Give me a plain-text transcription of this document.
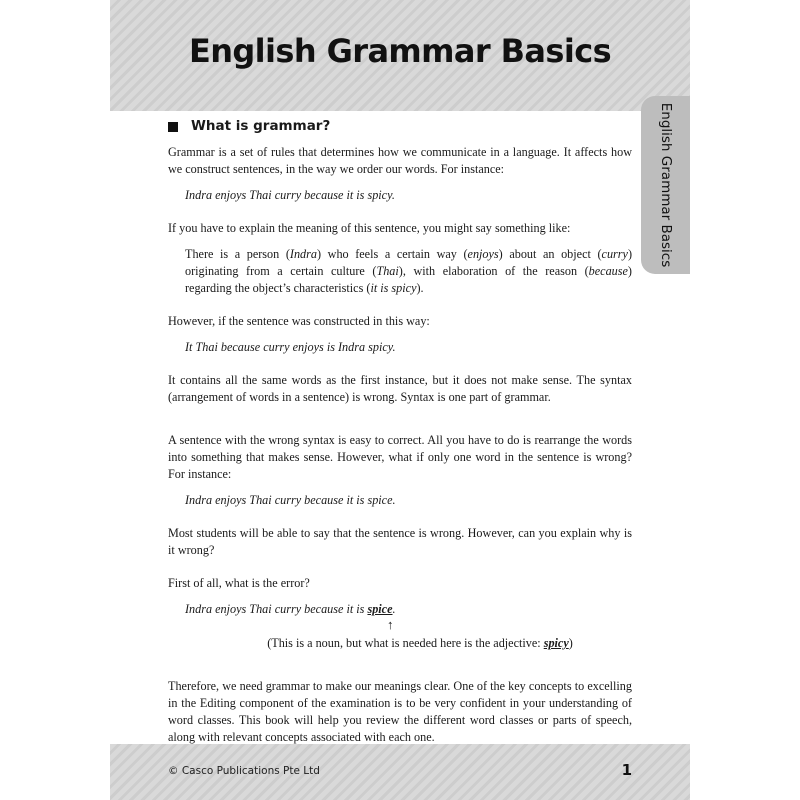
English Grammar Basics
English Grammar Basics
What is grammar?

Grammar is a set of rules that determines how we communicate in a language. It affects how we construct sentences, in the way we order our words. For instance:

Indra enjoys Thai curry because it is spicy.

If you have to explain the meaning of this sentence, you might say something like:

There is a person (Indra) who feels a certain way (enjoys) about an object (curry) originating from a certain culture (Thai), with elaboration of the reason (because) regarding the object’s characteristics (it is spicy).

However, if the sentence was constructed in this way:

It Thai because curry enjoys is Indra spicy.

It contains all the same words as the first instance, but it does not make sense. The syntax (arrangement of words in a sentence) is wrong. Syntax is one part of grammar.

A sentence with the wrong syntax is easy to correct. All you have to do is rearrange the words into something that makes sense. However, what if only one word in the sentence is wrong? For instance:

Indra enjoys Thai curry because it is spice.

Most students will be able to say that the sentence is wrong. However, can you explain why is it wrong?

First of all, what is the error?

Indra enjoys Thai curry because it is spice.
↑

(This is a noun, but what is needed here is the adjective: spicy)

Therefore, we need grammar to make our meanings clear. One of the key concepts to excelling in the Editing component of the examination is to be very confident in your understanding of word classes. This book will help you review the different word classes or parts of speech, along with relevant concepts associated with each one.

© Casco Publications Pte Ltd	1
